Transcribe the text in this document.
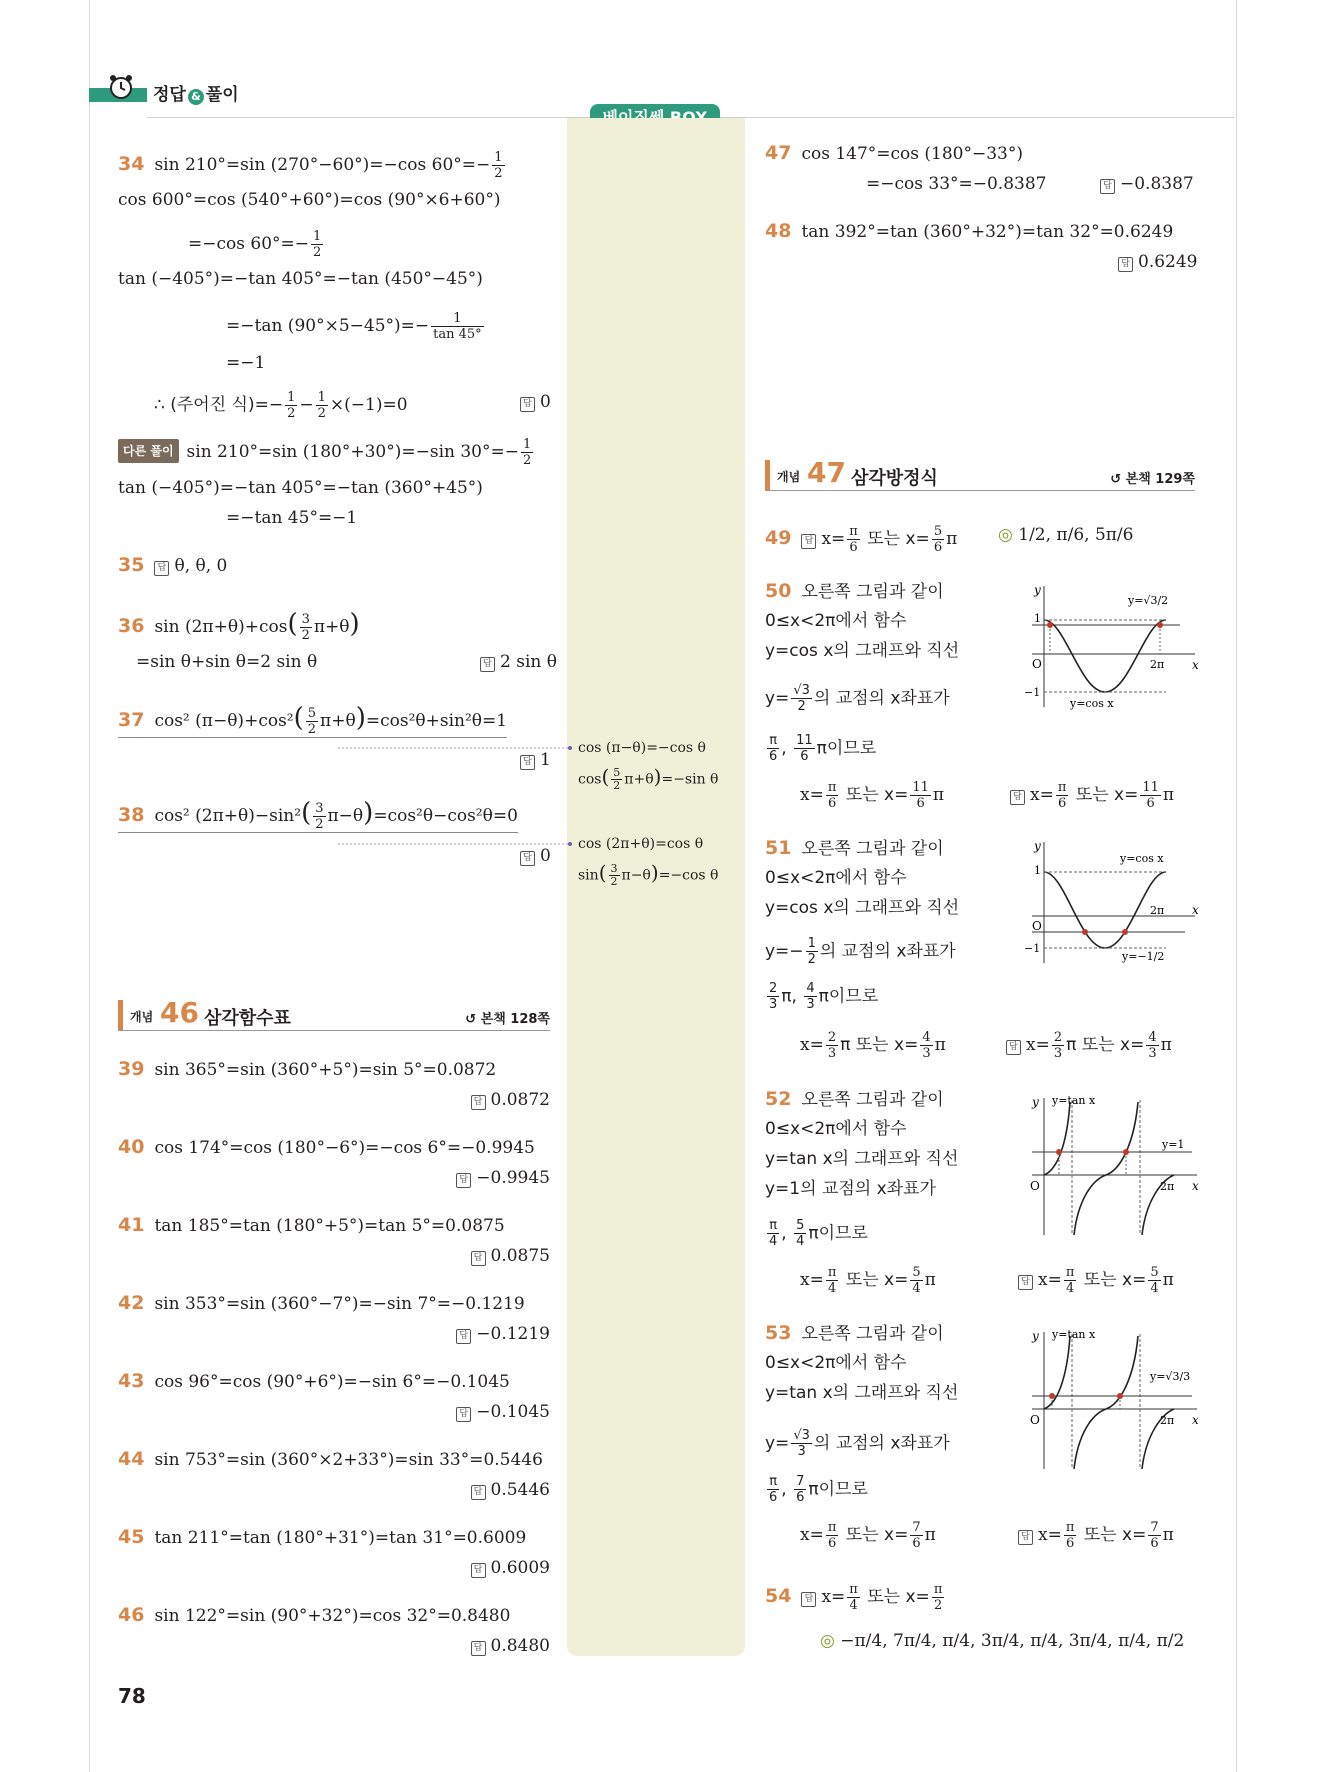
정답 & 풀이
34 sin 210°=sin (270°−60°)=−cos $60^\circ=- \frac{1}{2}$
cos 600°=cos (540°+60°)=cos (90°×6+60°)
=−cos $60^\circ=- \frac{1}{2}$
tan (−405°)=−tan 405°=−tan (450°−45°)
=−tan $(90^\circ\times 5-45^\circ)=- \frac{1}{\tan 45^\circ}$
=−1
∴ (주어진 식)=− $\frac{1}{2} - \frac{1}{2} \times(-1)=0$	답 0
다른 풀이 sin 210°=sin (180°+30°)=−sin $30^\circ=- \frac{1}{2}$
tan (−405°)=−tan 405°=−tan (360°+45°)
=−tan 45°=−1
35 답 θ, θ, 0
36 $\sin (2\pi+\theta)+\cos( \frac{3}{2} \pi+\theta)$
=sin θ+sin θ=2 sin θ	답 2 sin θ
37 cos² $(\pi-\theta)+\cos^2( \frac{5}{2} \pi+\theta)=\cos^2\theta+\sin^2\theta=1$
답 1
38 cos² $(2\pi+\theta)-\sin^2( \frac{3}{2} \pi-\theta)=\cos^2\theta-\cos^2\theta=0$
답 0
cos (π−θ)=−cos θ
$\cos( \frac{5}{2} \pi+\theta)=-\sin$ θ
cos (2π+θ)=cos θ
$\sin( \frac{3}{2} \pi-\theta)=-\cos$ θ
개념 46 삼각함수표	↺ 본책 128쪽
39 sin 365°=sin (360°+5°)=sin 5°=0.0872
답 0.0872
40 cos 174°=cos (180°−6°)=−cos 6°=−0.9945
답 −0.9945
41 tan 185°=tan (180°+5°)=tan 5°=0.0875
답 0.0875
42 sin 353°=sin (360°−7°)=−sin 7°=−0.1219
답 −0.1219
43 cos 96°=cos (90°+6°)=−sin 6°=−0.1045
답 −0.1045
44 sin 753°=sin (360°×2+33°)=sin 33°=0.5446
답 0.5446
45 tan 211°=tan (180°+31°)=tan 31°=0.6009
답 0.6009
46 sin 122°=sin (90°+32°)=cos 32°=0.8480
답 0.8480
47 cos 147°=cos (180°−33°)
=−cos 33°=−0.8387	답 −0.8387
48 tan 392°=tan (360°+32°)=tan 32°=0.6249
답 0.6249
개념 47 삼각방정식	↺ 본책 129쪽
49 답 $x= \frac{\pi}{6}$ 또는 $x= \frac{5}{6}$ π ◎ 1/2, π/6, 5π/6
50 오른쪽 그림과 같이
0≤x<2π에서 함수
y=cos x의 그래프와 직선
$y= \frac{√3}{2}$ 의 교점의 x좌표가
$\frac{\pi}{6}$ , $\frac{11}{6}$ π이므로
$x= \frac{\pi}{6}$ 또는 $x= \frac{11}{6}$ π	답 $x= \frac{\pi}{6}$ 또는 $x= \frac{11}{6}$ π
y
x
O
1
−1
y=cos x
y=√3/2
2π
51 오른쪽 그림과 같이
0≤x<2π에서 함수
y=cos x의 그래프와 직선
$y=- \frac{1}{2}$ 의 교점의 x좌표가
$\frac{2}{3} \pi$, $\frac{4}{3}$ π이므로
$x= \frac{2}{3}$ π 또는 $x= \frac{4}{3}$ π	답 $x= \frac{2}{3}$ π 또는 $x= \frac{4}{3}$ π
y
x
O
1
−1
y=cos x
y=−1/2
2π
52 오른쪽 그림과 같이
0≤x<2π에서 함수
y=tan x의 그래프와 직선
y=1의 교점의 x좌표가
$\frac{\pi}{4}$ , $\frac{5}{4}$ π이므로
$x= \frac{\pi}{4}$ 또는 $x= \frac{5}{4}$ π	답 $x= \frac{\pi}{4}$ 또는 $x= \frac{5}{4}$ π
y
x
O
y=tan x
y=1
2π
53 오른쪽 그림과 같이
0≤x<2π에서 함수
y=tan x의 그래프와 직선
$y= \frac{√3}{3}$ 의 교점의 x좌표가
$\frac{\pi}{6}$ , $\frac{7}{6}$ π이므로
$x= \frac{\pi}{6}$ 또는 $x= \frac{7}{6}$ π	답 $x= \frac{\pi}{6}$ 또는 $x= \frac{7}{6}$ π
y
x
O
y=tan x
y=√3/3
2π
54 답 $x= \frac{\pi}{4}$ 또는 $x= \frac{\pi}{2}$
◎ −π/4, 7π/4, π/4, 3π/4, π/4, 3π/4, π/4, π/2
78
